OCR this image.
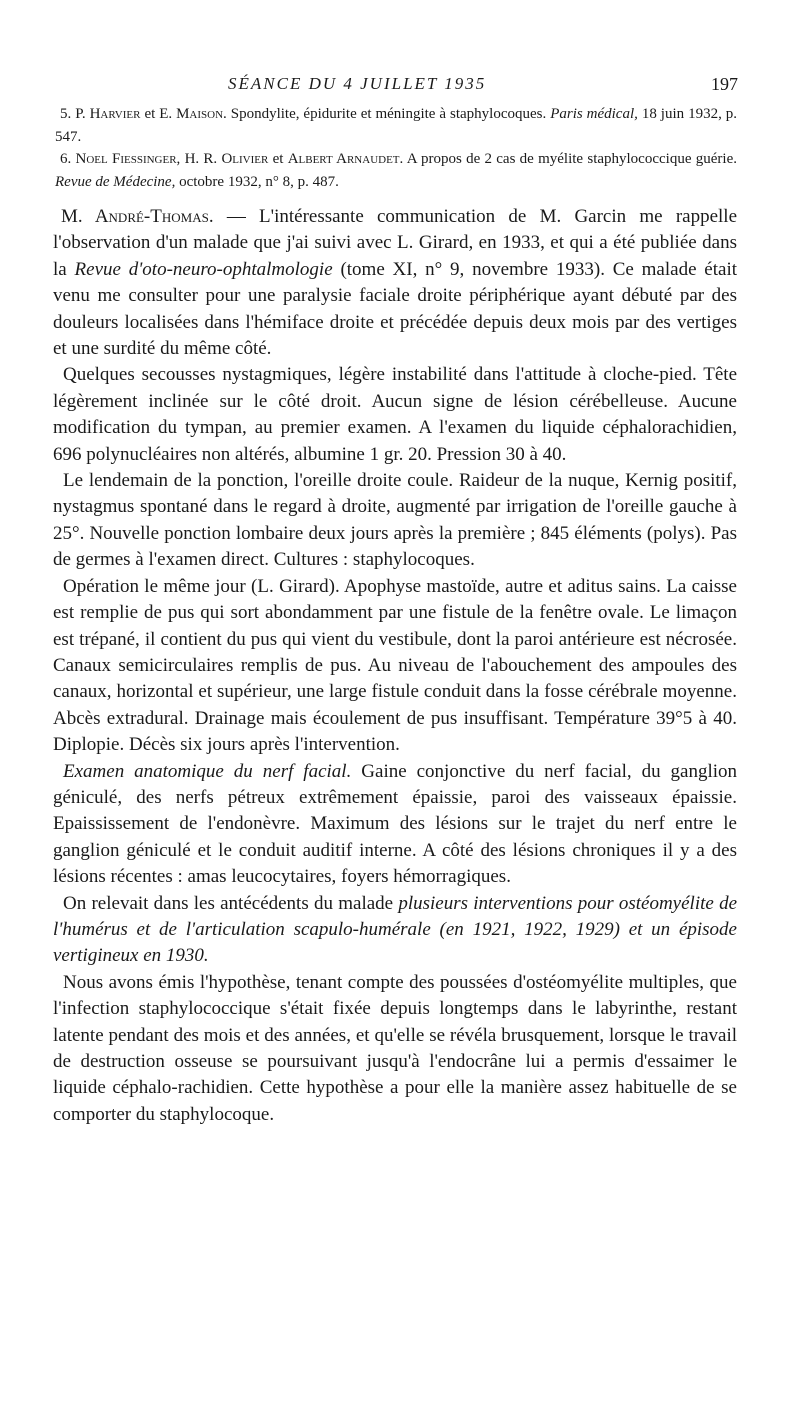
SÉANCE DU 4 JUILLET 1935	197

5. P. Harvier et E. Maison. Spondylite, épidurite et méningite à staphylocoques. Paris médical, 18 juin 1932, p. 547.

6. Noel Fiessinger, H. R. Olivier et Albert Arnaudet. A propos de 2 cas de myélite staphylococcique guérie. Revue de Médecine, octobre 1932, n° 8, p. 487.

M. André-Thomas. — L'intéressante communication de M. Garcin me rappelle l'observation d'un malade que j'ai suivi avec L. Girard, en 1933, et qui a été publiée dans la Revue d'oto-neuro-ophtalmologie (tome XI, n° 9, novembre 1933). Ce malade était venu me consulter pour une paralysie faciale droite périphérique ayant débuté par des douleurs localisées dans l'hémiface droite et précédée depuis deux mois par des vertiges et une surdité du même côté.

Quelques secousses nystagmiques, légère instabilité dans l'attitude à cloche-pied. Tête légèrement inclinée sur le côté droit. Aucun signe de lésion cérébelleuse. Aucune modification du tympan, au premier examen. A l'examen du liquide céphalorachidien, 696 polynucléaires non altérés, albumine 1 gr. 20. Pression 30 à 40.

Le lendemain de la ponction, l'oreille droite coule. Raideur de la nuque, Kernig positif, nystagmus spontané dans le regard à droite, augmenté par irrigation de l'oreille gauche à 25°. Nouvelle ponction lombaire deux jours après la première ; 845 éléments (polys). Pas de germes à l'examen direct. Cultures : staphylocoques.

Opération le même jour (L. Girard). Apophyse mastoïde, autre et aditus sains. La caisse est remplie de pus qui sort abondamment par une fistule de la fenêtre ovale. Le limaçon est trépané, il contient du pus qui vient du vestibule, dont la paroi antérieure est nécrosée. Canaux semicirculaires remplis de pus. Au niveau de l'abouchement des ampoules des canaux, horizontal et supérieur, une large fistule conduit dans la fosse cérébrale moyenne. Abcès extradural. Drainage mais écoulement de pus insuffisant. Température 39°5 à 40. Diplopie. Décès six jours après l'intervention.

Examen anatomique du nerf facial. Gaine conjonctive du nerf facial, du ganglion géniculé, des nerfs pétreux extrêmement épaissie, paroi des vaisseaux épaissie. Epaississement de l'endonèvre. Maximum des lésions sur le trajet du nerf entre le ganglion géniculé et le conduit auditif interne. A côté des lésions chroniques il y a des lésions récentes : amas leucocytaires, foyers hémorragiques.

On relevait dans les antécédents du malade plusieurs interventions pour ostéomyélite de l'humérus et de l'articulation scapulo-humérale (en 1921, 1922, 1929) et un épisode vertigineux en 1930.

Nous avons émis l'hypothèse, tenant compte des poussées d'ostéomyélite multiples, que l'infection staphylococcique s'était fixée depuis longtemps dans le labyrinthe, restant latente pendant des mois et des années, et qu'elle se révéla brusquement, lorsque le travail de destruction osseuse se poursuivant jusqu'à l'endocrâne lui a permis d'essaimer le liquide céphalo-rachidien. Cette hypothèse a pour elle la manière assez habituelle de se comporter du staphylocoque.
